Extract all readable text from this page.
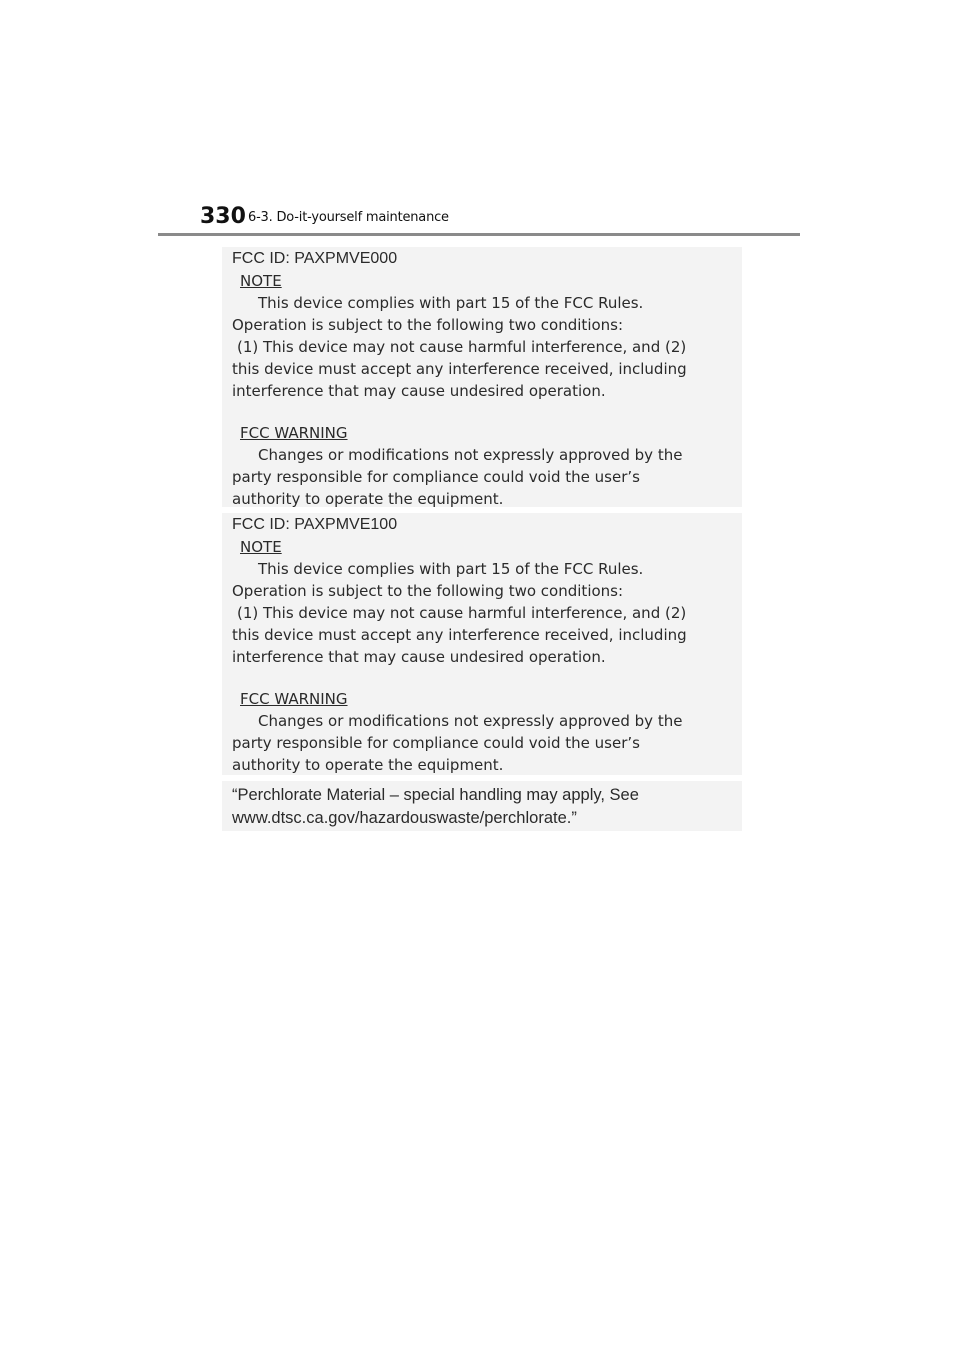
330 6-3. Do-it-yourself maintenance
FCC ID: PAXPMVE000
NOTE
This device complies with part 15 of the FCC Rules.
Operation is subject to the following two conditions:
(1) This device may not cause harmful interference, and (2)
this device must accept any interference received, including
interference that may cause undesired operation.
FCC WARNING
Changes or modifications not expressly approved by the
party responsible for compliance could void the user’s
authority to operate the equipment.
FCC ID: PAXPMVE100
NOTE
This device complies with part 15 of the FCC Rules.
Operation is subject to the following two conditions:
(1) This device may not cause harmful interference, and (2)
this device must accept any interference received, including
interference that may cause undesired operation.
FCC WARNING
Changes or modifications not expressly approved by the
party responsible for compliance could void the user’s
authority to operate the equipment.
“Perchlorate Material – special handling may apply, See
www.dtsc.ca.gov/hazardouswaste/perchlorate.”
